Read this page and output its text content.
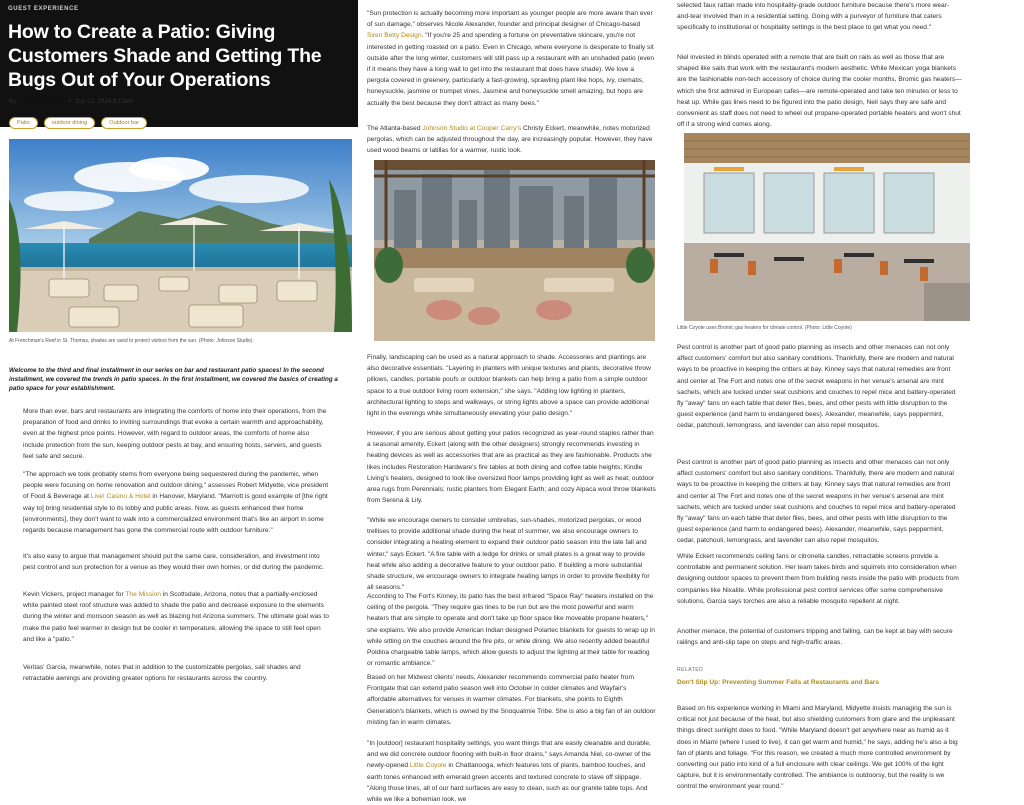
GUEST EXPERIENCE
How to Create a Patio: Giving Customers Shade and Getting The Bugs Out of Your Operations
By Elyse Glickman • Jun 12, 2024 8:13am
Patio	outdoor dining	Outdoor bar
At Frenchman's Reef in St. Thomas, shades are used to protect visitors from the sun. (Photo: Johnson Studio)
Welcome to the third and final installment in our series on bar and restaurant patio spaces! In the second installment, we covered the trends in patio spaces. In the first installment, we covered the basics of creating a patio space for your establishment.

More than ever, bars and restaurants are integrating the comforts of home into their operations, from the preparation of food and drinks to inviting surroundings that evoke a certain warmth and approachability, even at the highest price points. However, with regard to outdoor areas, the comforts of home also include protection from the sun, keeping outdoor pests at bay, and ensuring hosts, servers, and guests feel safe and secure.

"The approach we took probably stems from everyone being sequestered during the pandemic, when people were focusing on home renovation and outdoor dining," assesses Robert Midyette, vice president of Food & Beverage at Live! Casino & Hotel in Hanover, Maryland. "Marriott is good example of [the right way to] bring residential style to its lobby and public areas. Now, as guests enhanced their home [environments], they don't want to walk into a commercialized environment that's like an airport in some regards because management has gone the commercial route with outdoor furniture."

It's also easy to argue that management should put the same care, consideration, and investment into pest control and sun protection for a venue as they would their own homes, or did during the pandemic.

Kevin Vickers, project manager for The Mission in Scottsdale, Arizona, notes that a partially-enclosed white painted steel roof structure was added to shade the patio and decrease exposure to the elements during the winter and monsoon season as well as blazing hot Arizona summers. The ultimate goal was to make the patio feel warmer in design but be cooler in temperature, allowing the space to still feel open and like a "patio."

Veritas' Garcia, meanwhile, notes that in addition to the customizable pergolas, sail shades and retractable awnings are providing greater options for restaurants across the country.

"Sun protection is actually becoming more important as younger people are more aware than ever of sun damage," observes Nicole Alexander, founder and principal designer of Chicago-based Siren Betty Design. "If you're 25 and spending a fortune on preventative skincare, you're not interested in getting roasted on a patio. Even in Chicago, where everyone is desperate to finally sit outside after the long winter, customers will still pass up a restaurant with an unshaded patio (even if it means they have a long wait to get into the restaurant that does have shade). We love a pergola covered in greenery, particularly a fast-growing, sprawling plant like hops, ivy, clematis, honeysuckle, jasmine or trumpet vines. Jasmine and honeysuckle smell amazing, but hops are actually the best because they don't attract as many bees."

The Atlanta-based Johnson Studio at Cooper Carry's Christy Eckert, meanwhile, notes motorized pergolas, which can be adjusted throughout the day, are increasingly popular. However, they have used wood beams or latillas for a warmer, rustic look.

Finally, landscaping can be used as a natural approach to shade. Accessories and plantings are also decorative essentials. "Layering in planters with unique textures and plants, decorative throw pillows, candles, portable poufs or outdoor blankets can help bring a patio from a simple outdoor space to a true outdoor living room extension," she says. "Adding low lighting in planters, architectural lighting to steps and walkways, or string lights above a space can provide additional light in the evenings while simultaneously elevating your patio design."

However, if you are serious about getting your patios recognized as year-round staples rather than a seasonal amenity, Eckert (along with the other designers) strongly recommends investing in heating devices as well as accessories that are as practical as they are fashionable. Products she likes includes Restoration Hardware's fire tables at both dining and coffee table heights; Kindle Living's heaters, designed to look like oversized floor lamps providing light as well as heat; outdoor area rugs from Perennials; rustic planters from Elegant Earth; and cozy Alpaca wool throw blankets from Serena & Lily.

"While we encourage owners to consider umbrellas, sun-shades, motorized pergolas, or wood trellises to provide additional shade during the heat of summer, we also encourage owners to consider integrating a heating element to expand their outdoor patio season into the late fall and winter," says Eckert. "A fire table with a ledge for drinks or small plates is a great way to provide heat while also adding a decorative feature to your outdoor patio. If building a more substantial shade structure, we encourage owners to integrate heating lamps in order to provide flexibility for all seasons."

According to The Fort's Kinney, its patio has the best infrared "Space Ray" heaters installed on the ceiling of the pergola. "They require gas lines to be run but are the most powerful and warm heaters that are simple to operate and don't take up floor space like moveable propane heaters," she explains. We also provide American Indian designed Polartec blankets for guests to wrap up in while sitting on the couches around the fire pits, or while dining. We also recently added beautiful Poldina chargeable table lamps, which allow guests to adjust the lighting at their table for reading or romantic ambiance."

Based on her Midwest clients' needs, Alexander recommends commercial patio heater from Frontgate that can extend patio season well into October in colder climates and Wayfair's affordable alternatives for venues in warmer climates. For blankets, she points to Eighth Generation's blankets, which is owned by the Snoqualmie Tribe. She is also a big fan of an outdoor misting fan in warm climates.

"In [outdoor] restaurant hospitality settings, you want things that are easily cleanable and durable, and we did concrete outdoor flooring with built-in floor drains," says Amanda Niel, co-owner of the newly-opened Little Coyote in Chattanooga, which features lots of plants, bamboo touches, and earth tones enhanced with emerald green accents and textured concrete to stave off slippage. "Along those lines, all of our hard surfaces are easy to clean, such as our granite table tops. And while we like a bohemian look, we

selected faux rattan made into hospitality-grade outdoor furniture because there's more wear-and-tear involved than in a residential setting. Going with a purveyor of furniture that caters specifically to institutional or hospitality settings is the best place to get what you need."

Niel invested in blinds operated with a remote that are built on rails as well as those that are shaped like sails that work with the restaurant's modern aesthetic. While Mexican yoga blankets are the fashionable non-tech accessory of choice during the cooler months, Bromic gas heaters—which she first admired in European cafes—are remote-operated and take ten minutes or less to heat up. While gas lines need to be figured into the patio design, Neil says they are safe and convenient as staff does not need to wheel out propane-operated portable heaters and won't shut off if a strong wind comes along.

Little Coyote uses Bromic gas heaters for climate control. (Photo: Little Coyote)

Pest control is another part of good patio planning as insects and other menaces can not only affect customers' comfort but also sanitary conditions. Thankfully, there are modern and natural ways to be proactive in keeping the critters at bay. Kinney says that natural remedies are front and center at The Fort and notes one of the secret weapons in her venue's arsenal are mint sachets, which are tucked under seat cushions and couches to repel mice and battery-operated fly "away" fans on each table that deter flies, bees, and other pests with little disruption to the guest experience (and harm to endangered bees). Alexander, meanwhile, says peppermint, cedar, patchouli, lemongrass, and lavender can also repel mosquitos.

Pest control is another part of good patio planning as insects and other menaces can not only affect customers' comfort but also sanitary conditions. Thankfully, there are modern and natural ways to be proactive in keeping the critters at bay. Kinney says that natural remedies are front and center at The Fort and notes one of the secret weapons in her venue's arsenal are mint sachets, which are tucked under seat cushions and couches to repel mice and battery-operated fly "away" fans on each table that deter flies, bees, and other pests with little disruption to the guest experience (and harm to endangered bees). Alexander, meanwhile, says peppermint, cedar, patchouli, lemongrass, and lavender can also repel mosquitos.

While Eckert recommends ceiling fans or citronella candles, retractable screens provide a controllable and permanent solution. Her team takes birds and squirrels into consideration when designing outdoor spaces to prevent them from building nests inside the patio with products from companies like Nixalite. While professional pest control services offer some comprehensive solutions, Garcia says torches are also a reliable mosquito repellent at night.

Another menace, the potential of customers tripping and falling, can be kept at bay with secure railings and anti-slip tape on steps and high-traffic areas.

RELATED
Don't Slip Up: Preventing Summer Falls at Restaurants and Bars

Based on his experience working in Miami and Maryland, Midyette insists managing the sun is critical not just because of the heat, but also shielding customers from glare and the unpleasant things direct sunlight does to food. "While Maryland doesn't get anywhere near as humid as it does in Miami (where I used to live), it can get warm and humid," he says, adding he's also a big fan of plants and foliage. "For this reason, we created a much more controlled environment by converting our patio into kind of a full enclosure with clear ceilings. We get 100% of the light capture, but it is environmentally controlled. The ambiance is outdoorsy, but the reality is we control the environment year round."
